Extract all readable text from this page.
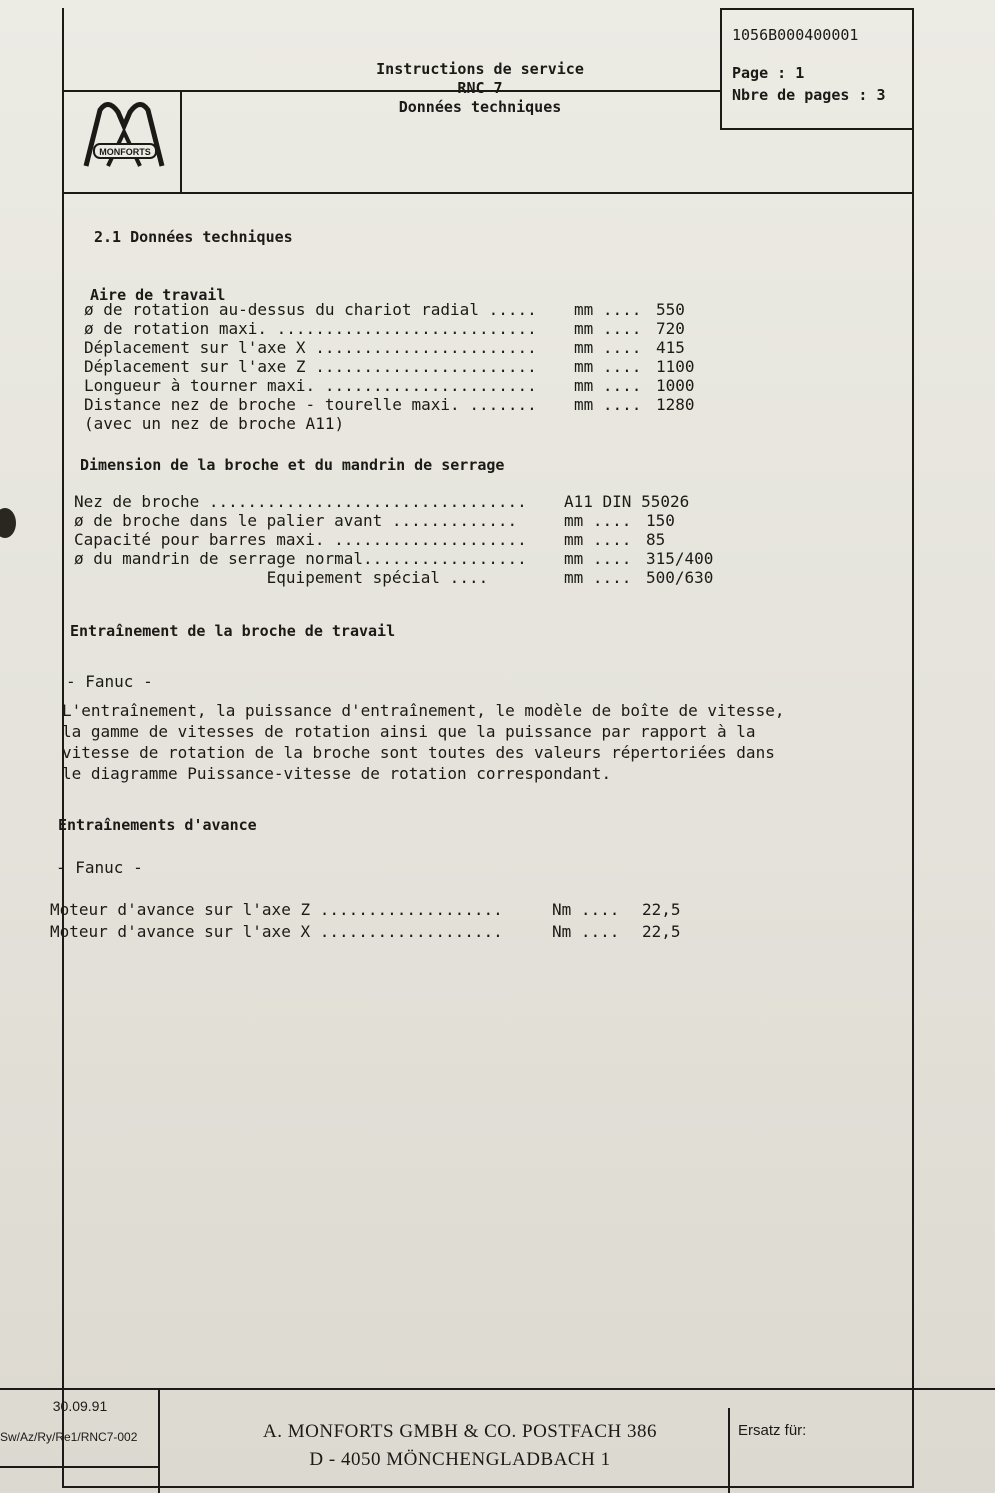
MONFORTS
Instructions de service
RNC 7
Données techniques
1056B000400001
Page : 1
Nbre de pages : 3
2.1 Données techniques
Aire de travail
ø de rotation au-dessus du chariot radial ..... mm .... 550
ø de rotation maxi. ........................... mm .... 720
Déplacement sur l'axe X ....................... mm .... 415
Déplacement sur l'axe Z ....................... mm .... 1100
Longueur à tourner maxi. ...................... mm .... 1000
Distance nez de broche - tourelle maxi. ....... mm .... 1280
(avec un nez de broche A11)
Dimension de la broche et du mandrin de serrage
Nez de broche ................................. A11 DIN 55026
ø de broche dans le palier avant .............	mm .... 150
Capacité pour barres maxi. .................... mm .... 85
ø du mandrin de serrage normal................. mm .... 315/400
Equipement spécial ....	mm .... 500/630
Entraînement de la broche de travail
- Fanuc -
L'entraînement, la puissance d'entraînement, le modèle de boîte de vitesse,
la gamme de vitesses de rotation ainsi que la puissance par rapport à la
vitesse de rotation de la broche sont toutes des valeurs répertoriées dans
le diagramme Puissance-vitesse de rotation correspondant.
Entraînements d'avance
- Fanuc -
Moteur d'avance sur l'axe Z ...................	Nm .... 22,5
Moteur d'avance sur l'axe X ...................	Nm .... 22,5
30.09.91
Sw/Az/Ry/Re1/RNC7-002	A. MONFORTS GMBH & CO. POSTFACH 386
D - 4050 MÖNCHENGLADBACH 1
Ersatz für:
